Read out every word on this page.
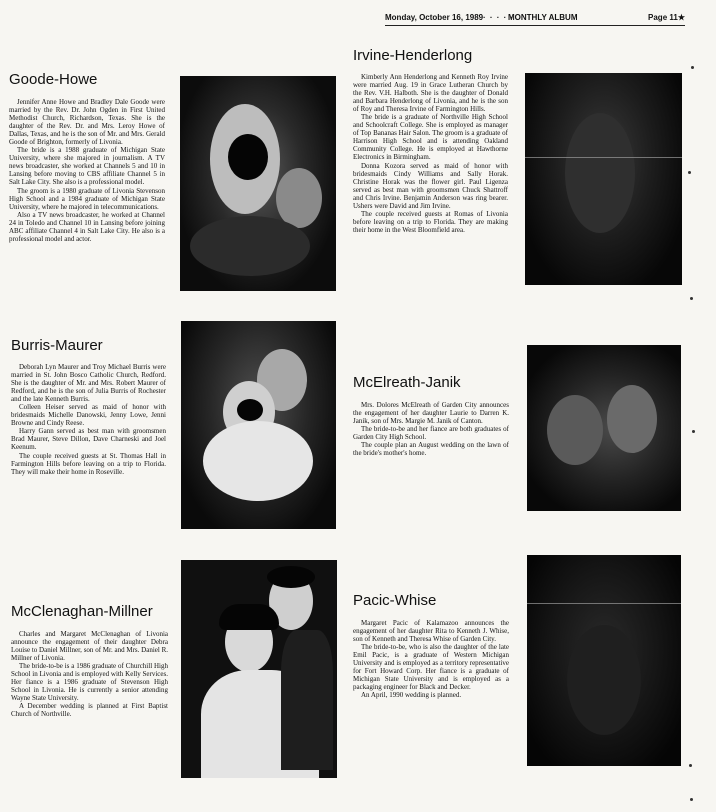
Monday, October 16, 1989 · · · · ·
MONTHLY ALBUM	Page 11★
Goode-Howe

Jennifer Anne Howe and Bradley Dale Goode were married by the Rev. Dr. John Ogden in First United Methodist Church, Richardson, Texas. She is the daughter of the Rev. Dr. and Mrs. Leroy Howe of Dallas, Texas, and he is the son of Mr. and Mrs. Gerald Goode of Brighton, formerly of Livonia.

The bride is a 1988 graduate of Michigan State University, where she majored in journalism. A TV news broadcaster, she worked at Channels 5 and 10 in Lansing before moving to CBS affiliate Channel 5 in Salt Lake City. She also is a professional model.

The groom is a 1980 graduate of Livonia Stevenson High School and a 1984 graduate of Michigan State University, where he majored in telecommunications.

Also a TV news broadcaster, he worked at Channel 24 in Toledo and Channel 10 in Lansing before joining ABC affiliate Channel 4 in Salt Lake City. He also is a professional model and actor.

Irvine-Henderlong

Kimberly Ann Henderlong and Kenneth Roy Irvine were married Aug. 19 in Grace Lutheran Church by the Rev. V.H. Halboth. She is the daughter of Donald and Barbara Henderlong of Livonia, and he is the son of Roy and Theresa Irvine of Farmington Hills.

The bride is a graduate of Northville High School and Schoolcraft College. She is employed as manager of Top Bananas Hair Salon. The groom is a graduate of Harrison High School and is attending Oakland Community College. He is employed at Hawthorne Electronics in Birmingham.

Donna Kozora served as maid of honor with bridesmaids Cindy Williams and Sally Horak. Christine Horak was the flower girl. Paul Ligenza served as best man with groomsmen Chuck Shattroff and Chris Irvine. Benjamin Anderson was ring bearer. Ushers were David and Jim Irvine.

The couple received guests at Romas of Livonia before leaving on a trip to Florida. They are making their home in the West Bloomfield area.

Burris-Maurer

Deborah Lyn Maurer and Troy Michael Burris were married in St. John Bosco Catholic Church, Redford. She is the daughter of Mr. and Mrs. Robert Maurer of Redford, and he is the son of Julia Burris of Rochester and the late Kenneth Burris.

Colleen Heiser served as maid of honor with bridesmaids Michelle Danowski, Jenny Lowe, Jenni Browne and Cindy Reese.

Harry Gann served as best man with groomsmen Brad Maurer, Steve Dillon, Dave Charneski and Joel Keenum.

The couple received guests at St. Thomas Hall in Farmington Hills before leaving on a trip to Florida. They will make their home in Roseville.

McElreath-Janik

Mrs. Dolores McElreath of Garden City announces the engagement of her daughter Laurie to Darren K. Janik, son of Mrs. Margie M. Janik of Canton.

The bride-to-be and her fiance are both graduates of Garden City High School.

The couple plan an August wedding on the lawn of the bride's mother's home.

McClenaghan-Millner

Charles and Margaret McClenaghan of Livonia announce the engagement of their daughter Debra Louise to Daniel Millner, son of Mr. and Mrs. Daniel R. Millner of Livonia.

The bride-to-be is a 1986 graduate of Churchill High School in Livonia and is employed with Kelly Services. Her fiance is a 1986 graduate of Stevenson High School in Livonia. He is currently a senior attending Wayne State University.

A December wedding is planned at First Baptist Church of Northville.

Pacic-Whise

Margaret Pacic of Kalamazoo announces the engagement of her daughter Rita to Kenneth J. Whise, son of Kenneth and Theresa Whise of Garden City.

The bride-to-be, who is also the daughter of the late Emil Pacic, is a graduate of Western Michigan University and is employed as a territory representative for Fort Howard Corp. Her fiance is a graduate of Michigan State University and is employed as a packaging engineer for Black and Decker.

An April, 1990 wedding is planned.
